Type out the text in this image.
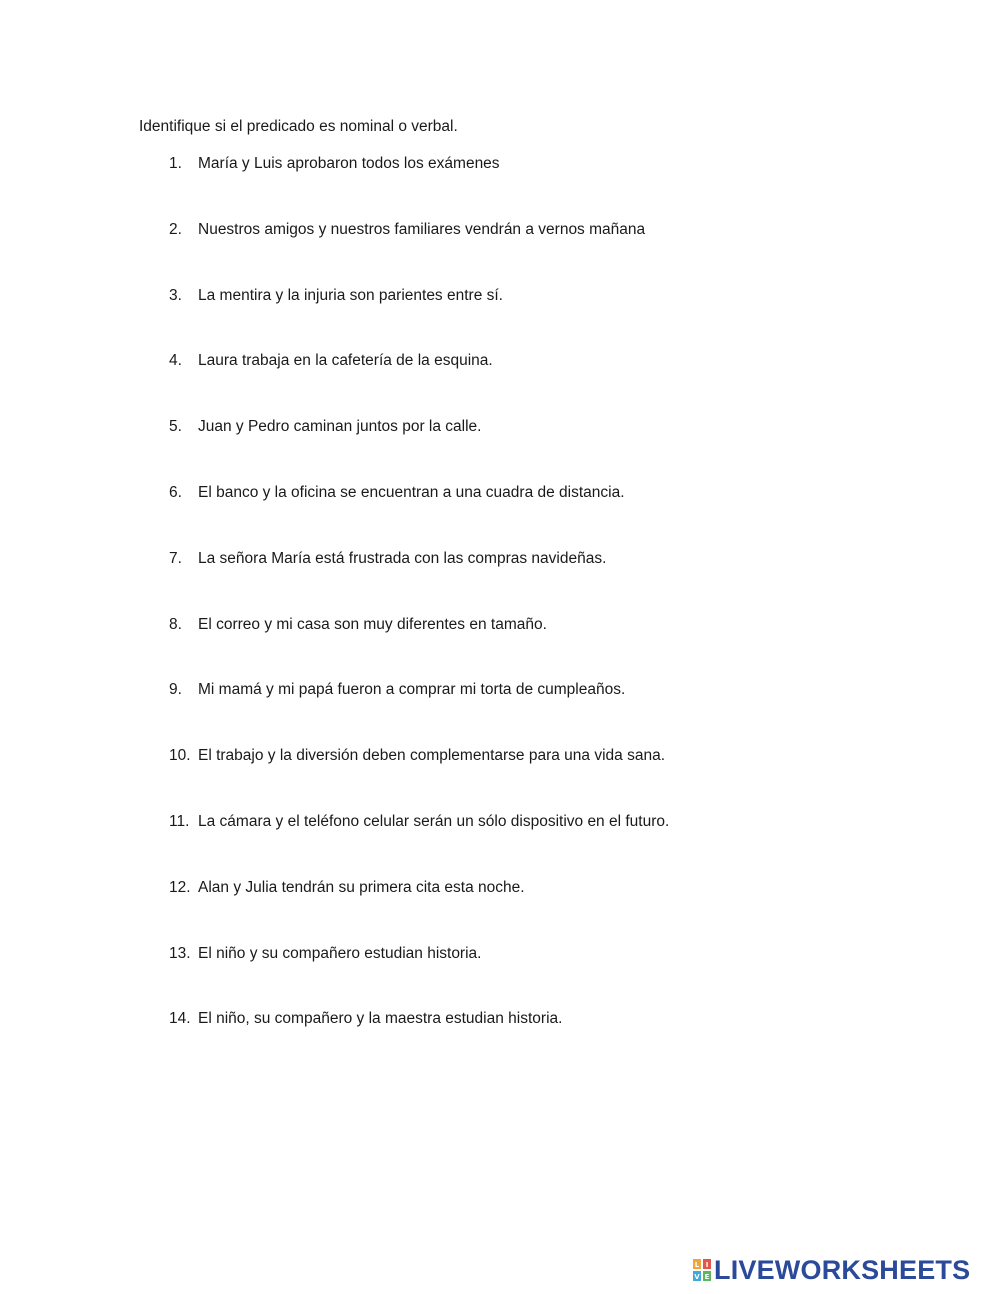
Identifique si el predicado es nominal o verbal.

1. María y Luis aprobaron todos los exámenes
2. Nuestros amigos y nuestros familiares vendrán a vernos mañana
3. La mentira y la injuria son parientes entre sí.
4. Laura trabaja en la cafetería de la esquina.
5. Juan y Pedro caminan juntos por la calle.
6. El banco y la oficina se encuentran a una cuadra de distancia.
7. La señora María está frustrada con las compras navideñas.
8. El correo y mi casa son muy diferentes en tamaño.
9. Mi mamá y mi papá fueron a comprar mi torta de cumpleaños.
10. El trabajo y la diversión deben complementarse para una vida sana.
11. La cámara y el teléfono celular serán un sólo dispositivo en el futuro.
12. Alan y Julia tendrán su primera cita esta noche.
13. El niño y su compañero estudian historia.
14. El niño, su compañero y la maestra estudian historia.
L I
V E LIVEWORKSHEETS
